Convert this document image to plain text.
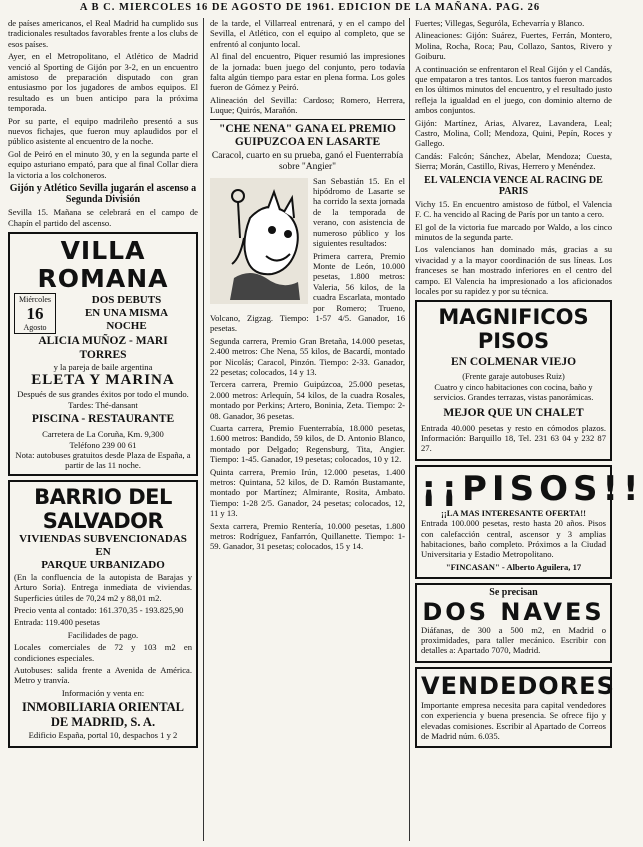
A B C. MIERCOLES 16 DE AGOSTO DE 1961. EDICION DE LA MAÑANA. PAG. 26

de países americanos, el Real Madrid ha cumplido sus tradicionales resultados favorables frente a los clubs de esos países.

Ayer, en el Metropolitano, el Atlético de Madrid venció al Sporting de Gijón por 3-2, en un encuentro amistoso de preparación disputado con gran entusiasmo por los jugadores de ambos equipos. El resultado es un buen anticipo para la próxima temporada.

Por su parte, el equipo madrileño presentó a sus nuevos fichajes, que fueron muy aplaudidos por el público asistente al encuentro de la noche.

Gol de Peiró en el minuto 30, y en la segunda parte el equipo asturiano empató, para que al final Collar diera la victoria a los colchoneros.

Gijón y Atlético Sevilla jugarán el ascenso a Segunda División

Sevilla 15. Mañana se celebrará en el campo de Chapín el partido del ascenso.

VILLA ROMANA
Miércoles
16
Agosto
DOS DEBUTS
EN UNA MISMA
NOCHE
ALICIA MUÑOZ - MARI TORRES
y la pareja de baile argentina
ELETA Y MARINA
Después de sus grandes éxitos por todo el mundo.
Tardes: Thé-dansant
PISCINA - RESTAURANTE
Carretera de La Coruña, Km. 9,300
Teléfono 239 00 61
Nota: autobuses gratuitos desde Plaza de España, a partir de las 11 noche.
BARRIO DEL SALVADOR
VIVIENDAS SUBVENCIONADAS EN
PARQUE URBANIZADO

(En la confluencia de la autopista de Barajas y Arturo Soria). Entrega inmediata de viviendas. Superficies útiles de 70,24 m2 y 88,01 m2.

Precio venta al contado: 161.370,35 - 193.825,90

Entrada: 119.400 pesetas

Facilidades de pago.

Locales comerciales de 72 y 103 m2 en condiciones especiales.

Autobuses: salida frente a Avenida de América. Metro y tranvía.

Información y venta en:

INMOBILIARIA ORIENTAL DE MADRID, S. A.

Edificio España, portal 10, despachos 1 y 2

de la tarde, el Villarreal entrenará, y en el campo del Sevilla, el Atlético, con el equipo al completo, que se enfrentó al conjunto local.

Al final del encuentro, Piquer resumió las impresiones de la jornada: buen juego del conjunto, pero todavía falta algún tiempo para estar en plena forma. Los goles fueron de Gómez y Peiró.

Alineación del Sevilla: Cardoso; Romero, Herrera, Luque; Quirós, Marañón.

"CHE NENA" GANA EL PREMIO GUIPUZCOA EN LASARTE
Caracol, cuarto en su prueba, ganó el Fuenterrabía sobre "Angier"

San Sebastián 15. En el hipódromo de Lasarte se ha corrido la sexta jornada de la temporada de verano, con asistencia de numeroso público y los siguientes resultados:

Primera carrera, Premio Monte de León, 10.000 pesetas, 1.800 metros: Valeria, 56 kilos, de la cuadra Escarlata, montado por Romero; Trueno, Volcano, Zigzag. Tiempo: 1-57 4/5. Ganador, 16 pesetas.

Segunda carrera, Premio Gran Bretaña, 14.000 pesetas, 2.400 metros: Che Nena, 55 kilos, de Bacardí, montado por Nicolás; Caracol, Pinzón. Tiempo: 2-33. Ganador, 22 pesetas; colocados, 14 y 13.

Tercera carrera, Premio Guipúzcoa, 25.000 pesetas, 2.000 metros: Arlequín, 54 kilos, de la cuadra Rosales, montado por Perkins; Artero, Boninia, Zeta. Tiempo: 2-08. Ganador, 36 pesetas.

Cuarta carrera, Premio Fuenterrabía, 18.000 pesetas, 1.600 metros: Bandido, 59 kilos, de D. Antonio Blanco, montado por Delgado; Regensburg, Tita, Angier. Tiempo: 1-45. Ganador, 19 pesetas; colocados, 10 y 12.

Quinta carrera, Premio Irún, 12.000 pesetas, 1.400 metros: Quintana, 52 kilos, de D. Ramón Bustamante, montado por Martínez; Almirante, Rosita, Ambato. Tiempo: 1-28 2/5. Ganador, 24 pesetas; colocados, 12, 11 y 13.

Sexta carrera, Premio Rentería, 10.000 pesetas, 1.800 metros: Rodríguez, Fanfarrón, Quillanette. Tiempo: 1-59. Ganador, 31 pesetas; colocados, 15 y 14.

Fuertes; Villegas, Seguróla, Echevarría y Blanco.

Alineaciones: Gijón: Suárez, Fuertes, Ferrán, Montero, Molina, Rocha, Roca; Pau, Collazo, Santos, Rivero y Goiburu.

A continuación se enfrentaron el Real Gijón y el Candás, que empataron a tres tantos. Los tantos fueron marcados en los últimos minutos del encuentro, y el resultado justo refleja la igualdad en el juego, con dominio alterno de ambos conjuntos.

Gijón: Martínez, Arias, Alvarez, Lavandera, Leal; Castro, Molina, Coll; Mendoza, Quini, Pepín, Roces y Gallego.

Candás: Falcón; Sánchez, Abelar, Mendoza; Cuesta, Sierra; Morán, Castillo, Rivas, Herrero y Menéndez.

EL VALENCIA VENCE AL RACING DE PARIS

Vichy 15. En encuentro amistoso de fútbol, el Valencia F. C. ha vencido al Racing de París por un tanto a cero.

El gol de la victoria fue marcado por Waldo, a los cinco minutos de la segunda parte.

Los valencianos han dominado más, gracias a su vivacidad y a la mayor coordinación de sus líneas. Los franceses se han mostrado inferiores en el centro del campo. El Valencia ha impresionado a los aficionados locales por su rapidez y por su técnica.

MAGNIFICOS PISOS
EN COLMENAR VIEJO
(Frente garaje autobuses Ruiz)
Cuatro y cinco habitaciones con cocina, baño y servicios. Grandes terrazas, vistas panorámicas.
MEJOR QUE UN CHALET

Entrada 40.000 pesetas y resto en cómodos plazos. Información: Barquillo 18, Tel. 231 63 04 y 232 87 27.

¡¡PISOS!!
¡¡LA MAS INTERESANTE OFERTA!!

Entrada 100.000 pesetas, resto hasta 20 años. Pisos con calefacción central, ascensor y 3 amplias habitaciones, baño completo. Próximos a la Ciudad Universitaria y Estadio Metropolitano.

"FINCASAN" - Alberto Aguilera, 17

Se precisan
DOS NAVES

Diáfanas, de 300 a 500 m2, en Madrid o proximidades, para taller mecánico. Escribir con detalles a: Apartado 7070, Madrid.

VENDEDORES

Importante empresa necesita para capital vendedores con experiencia y buena presencia. Se ofrece fijo y elevadas comisiones. Escribir al Apartado de Correos de Madrid núm. 6.035.
